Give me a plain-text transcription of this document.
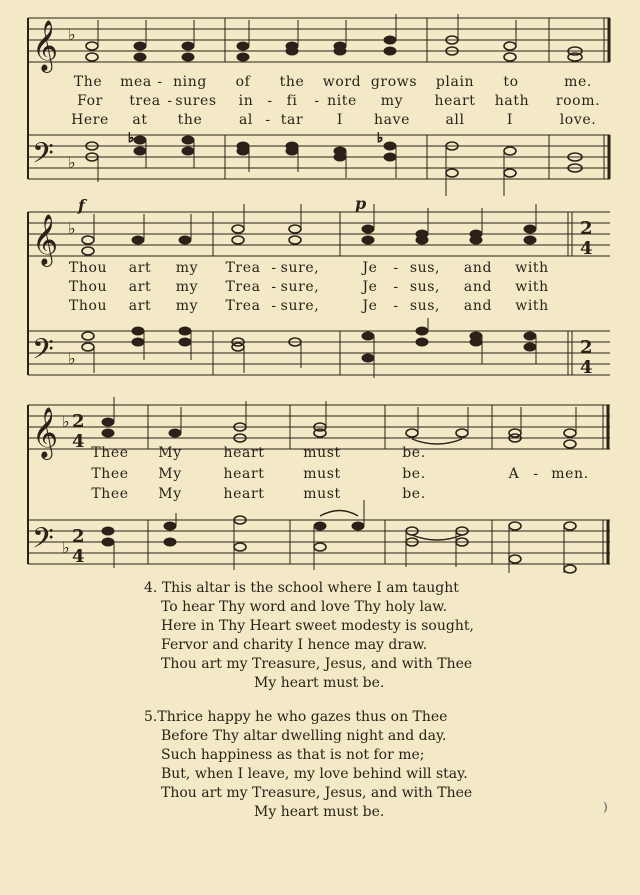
𝄞 ♭
𝄢 ♭
♭	♭
The mea - ning of the word grows plain to	me.
For trea - sures in - fi - nite my heart hath room.
Here at the	al - tar I have	all	I	love.
𝄞 ♭
𝄢 ♭
2
4
2
4
f	p
Thou art my Trea - sure,	Je - sus, and with
Thou art my Trea - sure,	Je - sus, and with
Thou art my Trea - sure,	Je - sus, and with
𝄞 ♭ 2
4
𝄢 ♭
2
4
Thee My	heart	must	be.
Thee My	heart	must	be.	A - men.
Thee My	heart	must	be.
4. This altar is the school where I am taught
To hear Thy word and love Thy holy law.
Here in Thy Heart sweet modesty is sought,
Fervor and charity I hence may draw.
Thou art my Treasure, Jesus, and with Thee
My heart must be.
5.Thrice happy he who gazes thus on Thee
Before Thy altar dwelling night and day.
Such happiness as that is not for me;
But, when I leave, my love behind will stay.
Thou art my Treasure, Jesus, and with Thee
My heart must be.	)
